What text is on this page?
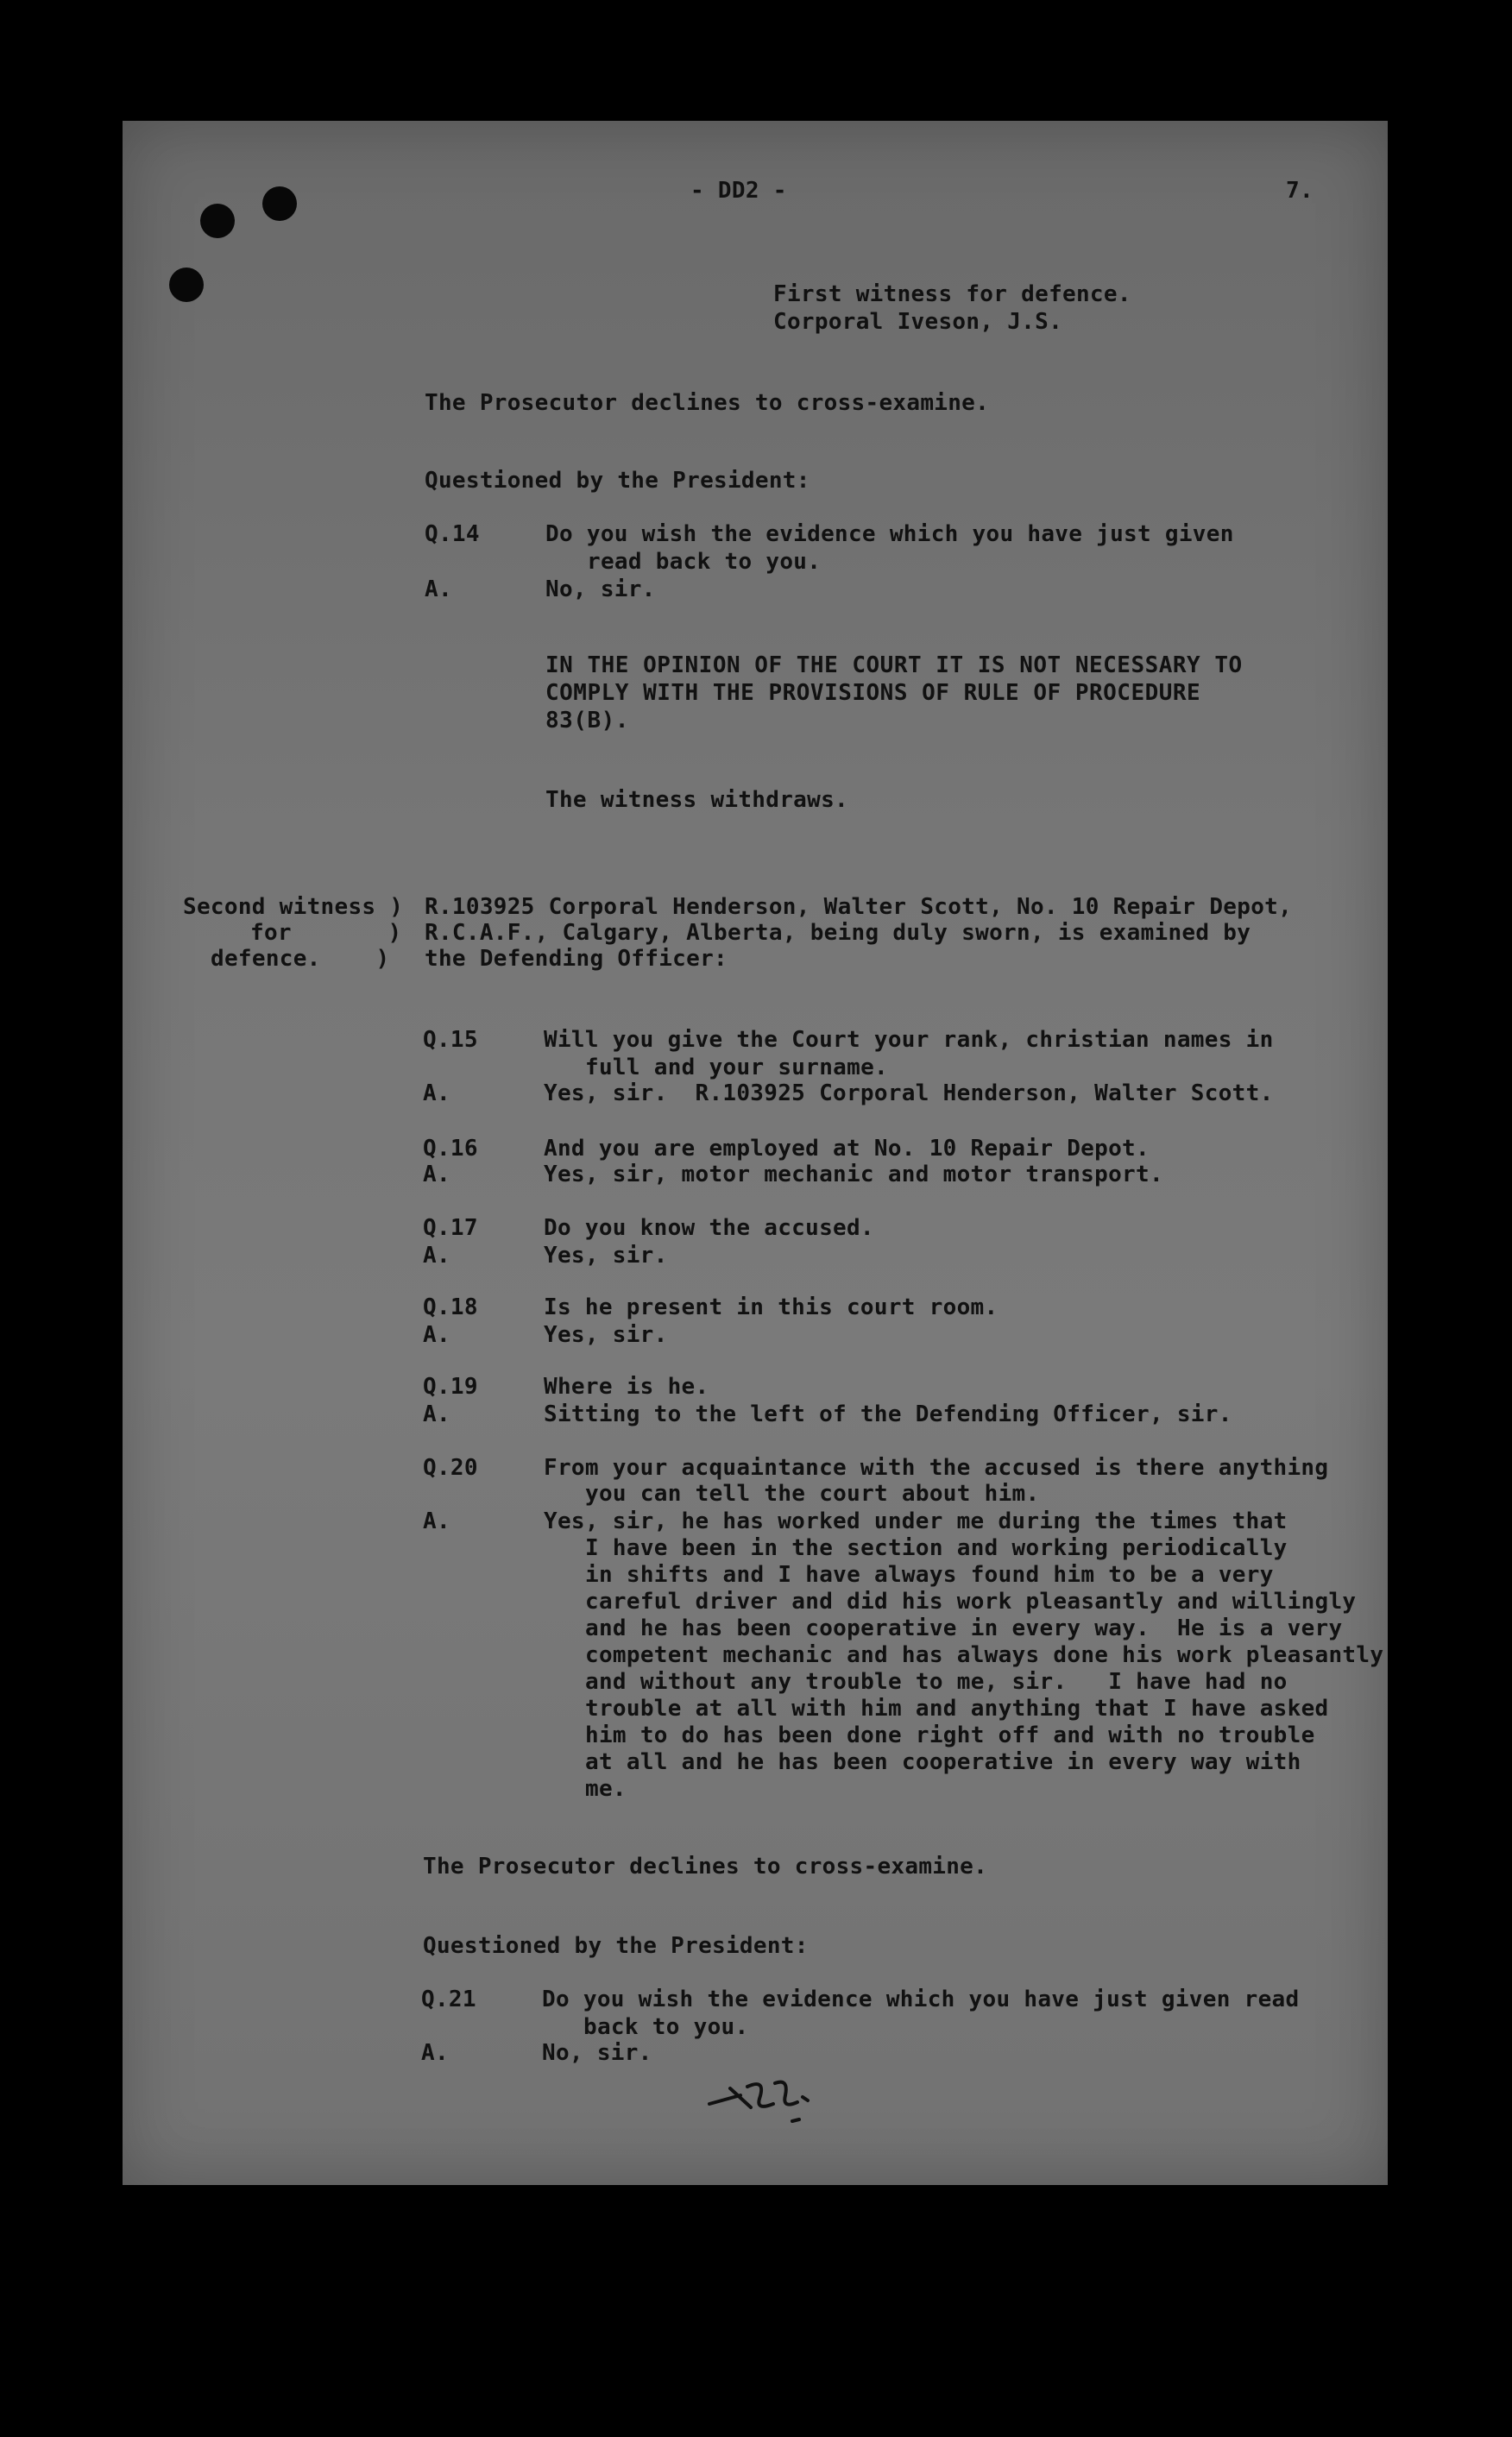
- DD2 -	7.
First witness for defence.
Corporal Iveson, J.S.
The Prosecutor declines to cross-examine.
Questioned by the President:
Q.14	Do you wish the evidence which you have just given
read back to you.
A.	No, sir.
IN THE OPINION OF THE COURT IT IS NOT NECESSARY TO
COMPLY WITH THE PROVISIONS OF RULE OF PROCEDURE
83(B).
The witness withdraws.
Second witness )
for       )
defence.    )
R.103925 Corporal Henderson, Walter Scott, No. 10 Repair Depot,
R.C.A.F., Calgary, Alberta, being duly sworn, is examined by
the Defending Officer:
Q.15	Will you give the Court your rank, christian names in
full and your surname.
A.	Yes, sir.  R.103925 Corporal Henderson, Walter Scott.
Q.16	And you are employed at No. 10 Repair Depot.
A.	Yes, sir, motor mechanic and motor transport.
Q.17	Do you know the accused.
A.	Yes, sir.
Q.18	Is he present in this court room.
A.	Yes, sir.
Q.19	Where is he.
A.	Sitting to the left of the Defending Officer, sir.
Q.20	From your acquaintance with the accused is there anything
you can tell the court about him.
A.	Yes, sir, he has worked under me during the times that
I have been in the section and working periodically
in shifts and I have always found him to be a very
careful driver and did his work pleasantly and willingly
and he has been cooperative in every way.  He is a very
competent mechanic and has always done his work pleasantly
and without any trouble to me, sir.   I have had no
trouble at all with him and anything that I have asked
him to do has been done right off and with no trouble
at all and he has been cooperative in every way with
me.
The Prosecutor declines to cross-examine.
Questioned by the President:
Q.21	Do you wish the evidence which you have just given read
back to you.
A.	No, sir.
